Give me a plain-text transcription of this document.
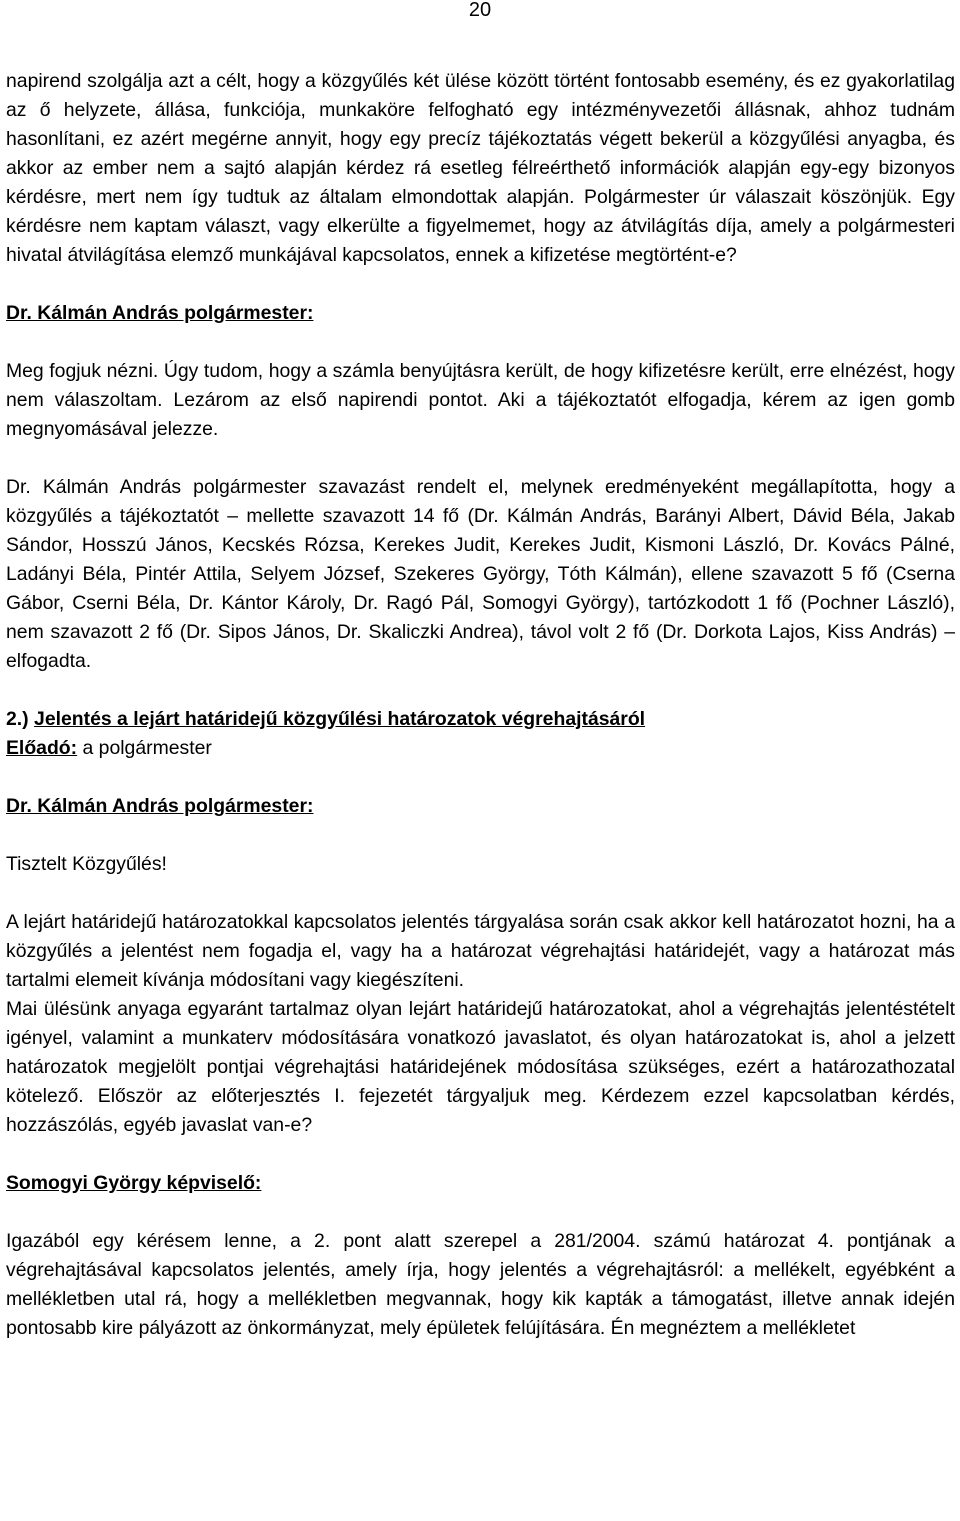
20

napirend szolgálja azt a célt, hogy a közgyűlés két ülése között történt fontosabb esemény, és ez gyakorlatilag az ő helyzete, állása, funkciója, munkaköre felfogható egy intézményvezetői állásnak, ahhoz tudnám hasonlítani, ez azért megérne annyit, hogy egy precíz tájékoztatás végett bekerül a közgyűlési anyagba, és akkor az ember nem a sajtó alapján kérdez rá esetleg félreérthető információk alapján egy-egy bizonyos kérdésre, mert nem így tudtuk az általam elmondottak alapján. Polgármester úr válaszait köszönjük. Egy kérdésre nem kaptam választ, vagy elkerülte a figyelmemet, hogy az átvilágítás díja, amely a polgármesteri hivatal átvilágítása elemző munkájával kapcsolatos, ennek a kifizetése megtörtént-e?

Dr. Kálmán András polgármester:

Meg fogjuk nézni. Úgy tudom, hogy a számla benyújtásra került, de hogy kifizetésre került, erre elnézést, hogy nem válaszoltam. Lezárom az első napirendi pontot. Aki a tájékoztatót elfogadja, kérem az igen gomb megnyomásával jelezze.

Dr. Kálmán András polgármester szavazást rendelt el, melynek eredményeként megállapította, hogy a közgyűlés a tájékoztatót – mellette szavazott 14 fő (Dr. Kálmán András, Barányi Albert, Dávid Béla, Jakab Sándor, Hosszú János, Kecskés Rózsa, Kerekes Judit, Kerekes Judit, Kismoni László, Dr. Kovács Pálné, Ladányi Béla, Pintér Attila, Selyem József, Szekeres György, Tóth Kálmán), ellene szavazott 5 fő (Cserna Gábor, Cserni Béla, Dr. Kántor Károly, Dr. Ragó Pál, Somogyi György), tartózkodott 1 fő (Pochner László), nem szavazott 2 fő (Dr. Sipos János, Dr. Skaliczki Andrea), távol volt 2 fő (Dr. Dorkota Lajos, Kiss András) – elfogadta.

2.) Jelentés a lejárt határidejű közgyűlési határozatok végrehajtásáról

Előadó: a polgármester

Dr. Kálmán András polgármester:

Tisztelt Közgyűlés!

A lejárt határidejű határozatokkal kapcsolatos jelentés tárgyalása során csak akkor kell határozatot hozni, ha a közgyűlés a jelentést nem fogadja el, vagy ha a határozat végrehajtási határidejét, vagy a határozat más tartalmi elemeit kívánja módosítani vagy kiegészíteni.

Mai ülésünk anyaga egyaránt tartalmaz olyan lejárt határidejű határozatokat, ahol a végrehajtás jelentéstételt igényel, valamint a munkaterv módosítására vonatkozó javaslatot, és olyan határozatokat is, ahol a jelzett határozatok megjelölt pontjai végrehajtási határidejének módosítása szükséges, ezért a határozathozatal kötelező. Először az előterjesztés I. fejezetét tárgyaljuk meg. Kérdezem ezzel kapcsolatban kérdés, hozzászólás, egyéb javaslat van-e?

Somogyi György képviselő:

Igazából egy kérésem lenne, a 2. pont alatt szerepel a 281/2004. számú határozat 4. pontjának a végrehajtásával kapcsolatos jelentés, amely írja, hogy jelentés a végrehajtásról: a mellékelt, egyébként a mellékletben utal rá, hogy a mellékletben megvannak, hogy kik kapták a támogatást, illetve annak idején pontosabb kire pályázott az önkormányzat, mely épületek felújítására. Én megnéztem a mellékletet
